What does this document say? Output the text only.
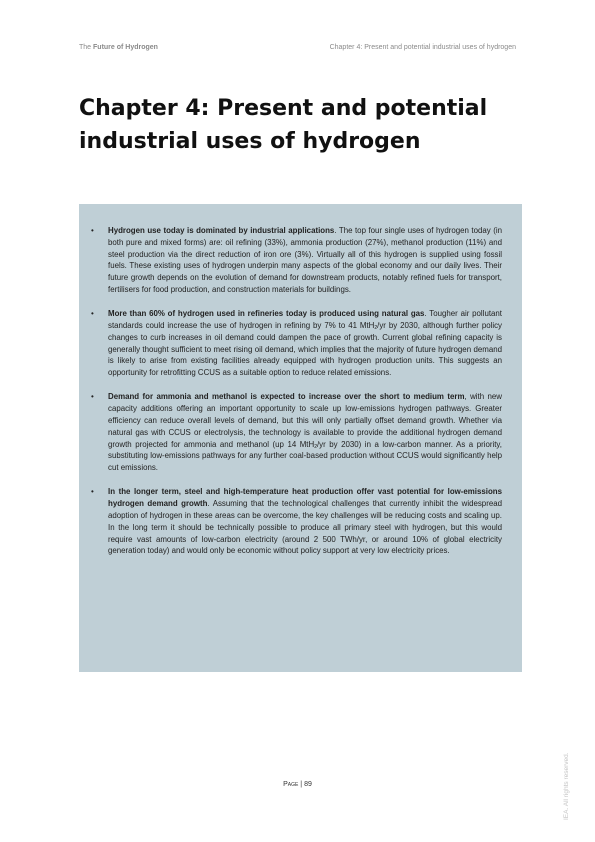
The Future of Hydrogen	Chapter 4: Present and potential industrial uses of hydrogen
Chapter 4: Present and potential industrial uses of hydrogen
• Hydrogen use today is dominated by industrial applications. The top four single uses of hydrogen today (in both pure and mixed forms) are: oil refining (33%), ammonia production (27%), methanol production (11%) and steel production via the direct reduction of iron ore (3%). Virtually all of this hydrogen is supplied using fossil fuels. These existing uses of hydrogen underpin many aspects of the global economy and our daily lives. Their future growth depends on the evolution of demand for downstream products, notably refined fuels for transport, fertilisers for food production, and construction materials for buildings.
• More than 60% of hydrogen used in refineries today is produced using natural gas. Tougher air pollutant standards could increase the use of hydrogen in refining by 7% to 41 MtH$_2$/yr by 2030, although further policy changes to curb increases in oil demand could dampen the pace of growth. Current global refining capacity is generally thought sufficient to meet rising oil demand, which implies that the majority of future hydrogen demand is likely to arise from existing facilities already equipped with hydrogen production units. This suggests an opportunity for retrofitting CCUS as a suitable option to reduce related emissions.
• Demand for ammonia and methanol is expected to increase over the short to medium term, with new capacity additions offering an important opportunity to scale up low-emissions hydrogen pathways. Greater efficiency can reduce overall levels of demand, but this will only partially offset demand growth. Whether via natural gas with CCUS or electrolysis, the technology is available to provide the additional hydrogen demand growth projected for ammonia and methanol (up 14 MtH$_2$/yr by 2030) in a low-carbon manner. As a priority, substituting low-emissions pathways for any further coal-based production without CCUS would significantly help cut emissions.
• In the longer term, steel and high-temperature heat production offer vast potential for low-emissions hydrogen demand growth. Assuming that the technological challenges that currently inhibit the widespread adoption of hydrogen in these areas can be overcome, the key challenges will be reducing costs and scaling up. In the long term it should be technically possible to produce all primary steel with hydrogen, but this would require vast amounts of low-carbon electricity (around 2 500 TWh/yr, or around 10% of global electricity generation today) and would only be economic without policy support at very low electricity prices.
Page | 89	IEA. All rights reserved.
